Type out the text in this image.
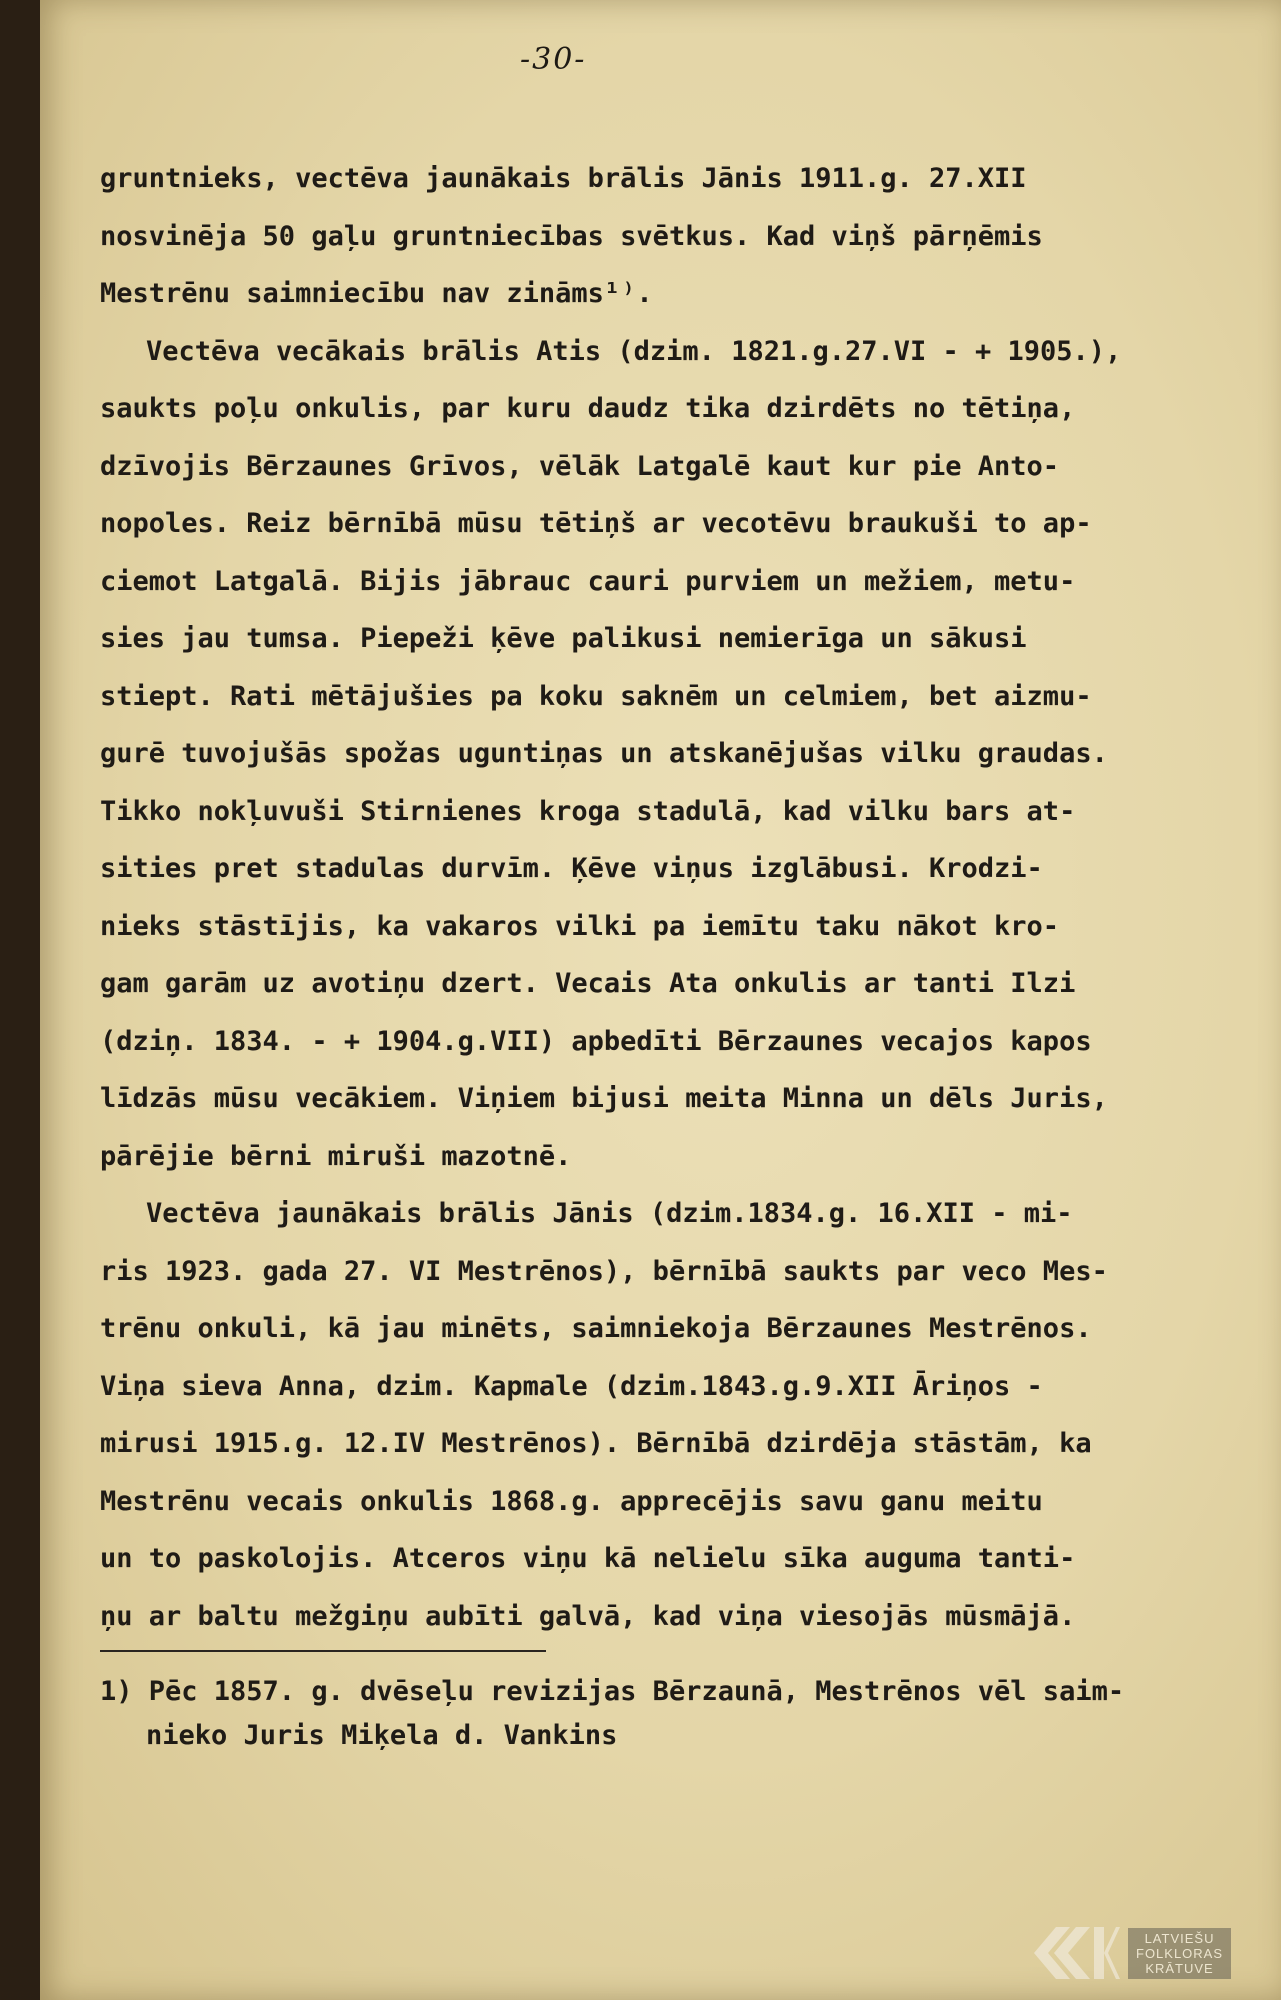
-30-
gruntnieks, vectēva jaunākais brālis Jānis 1911.g. 27.XII
nosvinēja 50 gaļu gruntniecības svētkus. Kad viņš pārņēmis
Mestrēnu saimniecību nav zināms¹⁾.
Vectēva vecākais brālis Atis (dzim. 1821.g.27.VI - + 1905.),
saukts poļu onkulis, par kuru daudz tika dzirdēts no tētiņa,
dzīvojis Bērzaunes Grīvos, vēlāk Latgalē kaut kur pie Anto-
nopoles. Reiz bērnībā mūsu tētiņš ar vecotēvu braukuši to ap-
ciemot Latgalā. Bijis jābrauc cauri purviem un mežiem, metu-
sies jau tumsa. Piepeži ķēve palikusi nemierīga un sākusi
stiept. Rati mētājušies pa koku saknēm un celmiem, bet aizmu-
gurē tuvojušās spožas uguntiņas un atskanējušas vilku graudas.
Tikko nokļuvuši Stirnienes kroga stadulā, kad vilku bars at-
sities pret stadulas durvīm. Ķēve viņus izglābusi. Krodzi-
nieks stāstījis, ka vakaros vilki pa iemītu taku nākot kro-
gam garām uz avotiņu dzert. Vecais Ata onkulis ar tanti Ilzi
(dziņ. 1834. - + 1904.g.VII) apbedīti Bērzaunes vecajos kapos
līdzās mūsu vecākiem. Viņiem bijusi meita Minna un dēls Juris,
pārējie bērni miruši mazotnē.
Vectēva jaunākais brālis Jānis (dzim.1834.g. 16.XII - mi-
ris 1923. gada 27. VI Mestrēnos), bērnībā saukts par veco Mes-
trēnu onkuli, kā jau minēts, saimniekoja Bērzaunes Mestrēnos.
Viņa sieva Anna, dzim. Kapmale (dzim.1843.g.9.XII Āriņos -
mirusi 1915.g. 12.IV Mestrēnos). Bērnībā dzirdēja stāstām, ka
Mestrēnu vecais onkulis 1868.g. apprecējis savu ganu meitu
un to paskolojis. Atceros viņu kā nelielu sīka auguma tanti-
ņu ar baltu mežgiņu aubīti galvā, kad viņa viesojās mūsmājā.
1) Pēc 1857. g. dvēseļu revizijas Bērzaunā, Mestrēnos vēl saim-
nieko Juris Miķela d. Vankins
LATVIEŠU
FOLKLORAS
KRĀTUVE
